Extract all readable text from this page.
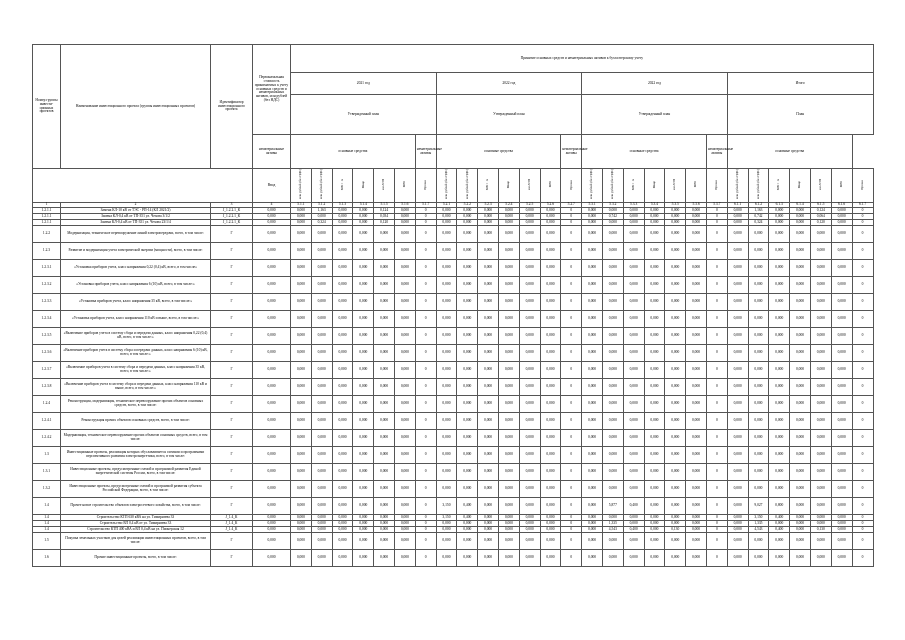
Номер группы инвести-ционных проектов	Наименование инвестиционного проекта (группы инвестиционных проектов)	Идентификатор инвестиционного проекта	Первоначальная стоимость принимаемых к учету основных средств и нематериальных активов, млн рублей (без НДС)	Принятие основных средств и нематериальных активов к бухгалтерскому учету																											
				2021 год							2022 год							2022 год							Итого						
				Утвержденный план							Утвержденный план							Утвержденный план							План						
			нематериальные активы	основные средства						нематериальные активы	основные средства						нематериальные активы	основные средства						нематериальные активы	основные средства						
			Ввод	млн рублей (без НДС)	млн рублей (без НДС)	МВ×А	Мвар	км ЛЭП	МВт	Прочее	млн рублей (без НДС)	млн рублей (без НДС)	МВ×А	Мвар	км ЛЭП	МВт	Прочее	млн рублей (без НДС)	млн рублей (без НДС)	МВ×А	Мвар	км ЛЭП	МВт	Прочее	млн рублей (без НДС)	млн рублей (без НДС)	МВ×А	Мвар	км ЛЭП	МВт	Прочее
1	2	3	4	5.1.1	5.1.2	5.1.3	5.1.4	5.1.5	5.1.6	5.1.7	5.2.1	5.2.2	5.2.3	5.2.4	5.2.5	5.2.6	5.2.7	5.3.1	5.3.2	5.3.3	5.3.4	5.3.5	5.3.6	5.3.7	6.1.1	6.1.2	6.1.3	6.1.4	6.1.5	6.1.6	6.1.7
1.2.1.1	Замена КЛ-10 кВ от ТЭС - РП-14 (КЛ 2021/2)	J_1.2.2.1_К	0,000	0,000	1,163	0,000	0,000	0,124	0,000	0	0,000	0,000	0,000	0,000	0,000	0,000	0	0,000	0,000	0,000	0,000	0,000	0,000	0	0,000	1,163	0,000	0,000	0,124	0,000	0
1.2.1.1	Замена КЛ-0,4 кВ от ТП-351 ул. Чехова 3/1/2	J_1.2.2.1_К	0,000	0,000	0,000	0,000	0,000	0,034	0,000	0	0,000	0,000	0,000	0,000	0,000	0,000	0	0,000	0,742	0,000	0,000	0,000	0,000	0	0,000	0,742	0,000	0,000	0,064	0,000	0
1.2.1.1	Замена КЛ-0,4 кВ от ТП-351 ул. Чехова 23/1/4	J_1.2.2.1_К	0,000	0,000	0,324	0,000	0,000	0,120	0,000	0	0,000	0,000	0,000	0,000	0,000	0,000	0	0,000	0,000	0,000	0,000	0,000	0,000	0	0,000	0,324	0,000	0,000	0,120	0,000	0
1.2.2	Модернизация, техническое перевооружение линий электропередачи, всего, в том числе:	Г	0,000	0,000	0,000	0,000	0,000	0,000	0,000	0	0,000	0,000	0,000	0,000	0,000	0,000	0	0,000	0,000	0,000	0,000	0,000	0,000	0	0,000	0,000	0,000	0,000	0,000	0,000	0
1.2.3	Развитие и модернизация учета электрической энергии (мощности), всего, в том числе:	Г	0,000	0,000	0,000	0,000	0,000	0,000	0,000	0	0,000	0,000	0,000	0,000	0,000	0,000	0	0,000	0,000	0,000	0,000	0,000	0,000	0	0,000	0,000	0,000	0,000	0,000	0,000	0
1.2.3.1	«Установка приборов учета, класс напряжения 0,22 (0,4) кВ, всего, в том числе»	Г	0,000	0,000	0,000	0,000	0,000	0,000	0,000	0	0,000	0,000	0,000	0,000	0,000	0,000	0	0,000	0,000	0,000	0,000	0,000	0,000	0	0,000	0,000	0,000	0,000	0,000	0,000	0
1.2.3.2	«Установка приборов учета, класс напряжения 6 (10) кВ, всего, в том числе:»	Г	0,000	0,000	0,000	0,000	0,000	0,000	0,000	0	0,000	0,000	0,000	0,000	0,000	0,000	0	0,000	0,000	0,000	0,000	0,000	0,000	0	0,000	0,000	0,000	0,000	0,000	0,000	0
1.2.3.3	«Установка приборов учета, класс напряжения 35 кВ, всего, в том числе:»	Г	0,000	0,000	0,000	0,000	0,000	0,000	0,000	0	0,000	0,000	0,000	0,000	0,000	0,000	0	0,000	0,000	0,000	0,000	0,000	0,000	0	0,000	0,000	0,000	0,000	0,000	0,000	0
1.2.3.4	«Установка приборов учета, класс напряжения 110 кВ и выше, всего, в том числе:»	Г	0,000	0,000	0,000	0,000	0,000	0,000	0,000	0	0,000	0,000	0,000	0,000	0,000	0,000	0	0,000	0,000	0,000	0,000	0,000	0,000	0	0,000	0,000	0,000	0,000	0,000	0,000	0
1.2.3.5	«Включение приборов учета в систему сбора и передачи данных, класс напряжения 0,22 (0,4) кВ, всего, в том числе:»	Г	0,000	0,000	0,000	0,000	0,000	0,000	0,000	0	0,000	0,000	0,000	0,000	0,000	0,000	0	0,000	0,000	0,000	0,000	0,000	0,000	0	0,000	0,000	0,000	0,000	0,000	0,000	0
1.2.3.6	«Включение приборов учета в систему сбора и передачи данных, класс напряжения 6 (10) кВ, всего, в том числе:»	Г	0,000	0,000	0,000	0,000	0,000	0,000	0,000	0	0,000	0,000	0,000	0,000	0,000	0,000	0	0,000	0,000	0,000	0,000	0,000	0,000	0	0,000	0,000	0,000	0,000	0,000	0,000	0
1.2.3.7	«Включение приборов учета в систему сбора и передачи данных, класс напряжения 35 кВ, всего, в том числе:»	Г	0,000	0,000	0,000	0,000	0,000	0,000	0,000	0	0,000	0,000	0,000	0,000	0,000	0,000	0	0,000	0,000	0,000	0,000	0,000	0,000	0	0,000	0,000	0,000	0,000	0,000	0,000	0
1.2.3.8	«Включение приборов учета в систему сбора и передачи данных, класс напряжения 110 кВ и выше, всего, в том числе:»	Г	0,000	0,000	0,000	0,000	0,000	0,000	0,000	0	0,000	0,000	0,000	0,000	0,000	0,000	0	0,000	0,000	0,000	0,000	0,000	0,000	0	0,000	0,000	0,000	0,000	0,000	0,000	0
1.2.4	Реконструкция, модернизация, техническое перевооружение прочих объектов основных средств, всего, в том числе:	Г	0,000	0,000	0,000	0,000	0,000	0,000	0,000	0	0,000	0,000	0,000	0,000	0,000	0,000	0	0,000	0,000	0,000	0,000	0,000	0,000	0	0,000	0,000	0,000	0,000	0,000	0,000	0
1.2.4.1	Реконструкция прочих объектов основных средств, всего, в том числе:	Г	0,000	0,000	0,000	0,000	0,000	0,000	0,000	0	0,000	0,000	0,000	0,000	0,000	0,000	0	0,000	0,000	0,000	0,000	0,000	0,000	0	0,000	0,000	0,000	0,000	0,000	0,000	0
1.2.4.2	Модернизация, техническое перевооружение прочих объектов основных средств, всего, в том числе:	Г	0,000	0,000	0,000	0,000	0,000	0,000	0,000	0	0,000	0,000	0,000	0,000	0,000	0,000	0	0,000	0,000	0,000	0,000	0,000	0,000	0	0,000	0,000	0,000	0,000	0,000	0,000	0
1.3	Инвестиционные проекты, реализация которых обуславливается схемами и программами перспективного развития электроэнергетики, всего, в том числе:	Г	0,000	0,000	0,000	0,000	0,000	0,000	0,000	0	0,000	0,000	0,000	0,000	0,000	0,000	0	0,000	0,000	0,000	0,000	0,000	0,000	0	0,000	0,000	0,000	0,000	0,000	0,000	0
1.3.1	Инвестиционные проекты, предусмотренные схемой и программой развития Единой энергетической системы России, всего, в том числе:	Г	0,000	0,000	0,000	0,000	0,000	0,000	0,000	0	0,000	0,000	0,000	0,000	0,000	0,000	0	0,000	0,000	0,000	0,000	0,000	0,000	0	0,000	0,000	0,000	0,000	0,000	0,000	0
1.3.2	Инвестиционные проекты, предусмотренные схемой и программой развития субъекта Российской Федерации, всего, в том числе:	Г	0,000	0,000	0,000	0,000	0,000	0,000	0,000	0	0,000	0,000	0,000	0,000	0,000	0,000	0	0,000	0,000	0,000	0,000	0,000	0,000	0	0,000	0,000	0,000	0,000	0,000	0,000	0
1.4	Прочее новое строительство объектов электросетевого хозяйства, всего, в том числе:	Г	0,000	0,000	0,000	0,000	0,000	0,000	0,000	0	3,150	0,400	0,000	0,000	0,000	0,000	0	0,000	5,877	0,400	0,000	0,000	0,000	0	0,000	9,027	0,800	0,000	0,000	0,000	0
1.4	Строительство КТП 630 кВА на ул. Тимирязева 33	J_1.4_К	0,000	0,000	0,000	0,000	0,000	0,000	0,000	0	3,150	0,400	0,000	0,000	0,000	0,000	0	0,000	0,000	0,000	0,000	0,000	0,000	0	0,000	3,150	0,400	0,000	0,000	0,000	0
1.4	Строительство ВЛ 0,4 кВ от ул. Тимирязева 33	J_1.4_К	0,000	0,000	0,000	0,000	0,000	0,000	0,000	0	0,000	0,000	0,000	0,000	0,000	0,000	0	0,000	1,335	0,000	0,000	0,000	0,000	0	0,000	1,335	0,000	0,000	0,000	0,000	0
1.4	Строительство КТП 400 кВА и ВЛ 0,4 кВ на ул. Пионерская 12	J_1.4_К	0,000	0,000	0,000	0,000	0,000	0,000	0,000	0	0,000	0,000	0,000	0,000	0,000	0,000	0	0,000	4,543	0,400	0,000	0,130	0,000	0	0,000	4,543	0,400	0,000	0,130	0,000	0
1.5	Покупка земельных участков для целей реализации инвестиционных проектов, всего, в том числе:	Г	0,000	0,000	0,000	0,000	0,000	0,000	0,000	0	0,000	0,000	0,000	0,000	0,000	0,000	0	0,000	0,000	0,000	0,000	0,000	0,000	0	0,000	0,000	0,000	0,000	0,000	0,000	0
1.6	Прочие инвестиционные проекты, всего, в том числе:	Г	0,000	0,000	0,000	0,000	0,000	0,000	0,000	0	0,000	0,000	0,000	0,000	0,000	0,000	0	0,000	0,000	0,000	0,000	0,000	0,000	0	0,000	0,000	0,000	0,000	0,000	0,000	0
